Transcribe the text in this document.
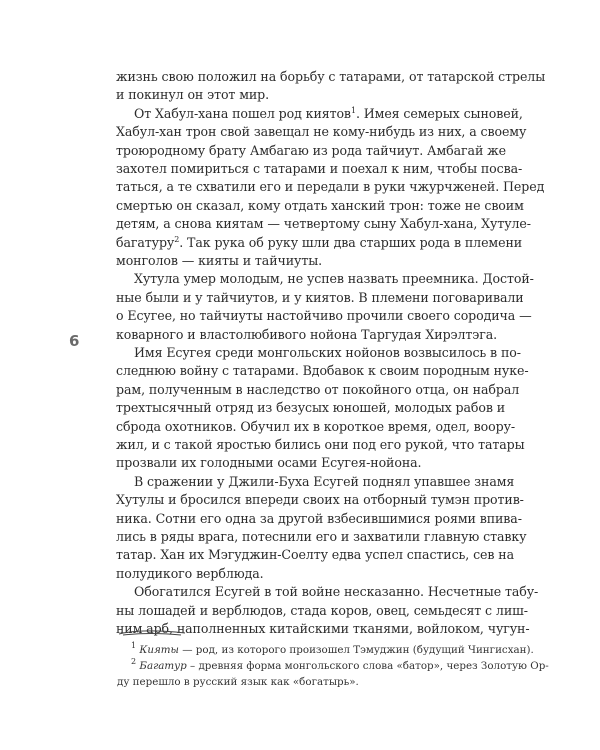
жизнь свою положил на борьбу с татарами, от татарской стрелы
и покинул он этот мир.
От Хабул-хана пошел род киятов$^1$. Имея семерых сыновей,
Хабул-хан трон свой завещал не кому-нибудь из них, а своему
троюродному брату Амбагаю из рода тайчиут. Амбагай же
захотел помириться с татарами и поехал к ним, чтобы посва-
таться, а те схватили его и передали в руки чжурчженей. Перед
смертью он сказал, кому отдать ханский трон: тоже не своим
детям, а снова киятам — четвертому сыну Хабул-хана, Хутуле-
багатуру$^2$. Так рука об руку шли два старших рода в племени
монголов — кияты и тайчиуты.
Хутула умер молодым, не успев назвать преемника. Достой-
ные были и у тайчиутов, и у киятов. В племени поговаривали
о Есугее, но тайчиуты настойчиво прочили своего сородича —
коварного и властолюбивого нойона Таргудая Хирэлтэга.
Имя Есугея среди монгольских нойонов возвысилось в по-
следнюю войну с татарами. Вдобавок к своим породным нуке-
рам, полученным в наследство от покойного отца, он набрал
трехтысячный отряд из безусых юношей, молодых рабов и
сброда охотников. Обучил их в короткое время, одел, воору-
жил, и с такой яростью бились они под его рукой, что татары
прозвали их голодными осами Есугея-нойона.
В сражении у Джили-Буха Есугей поднял упавшее знамя
Хутулы и бросился впереди своих на отборный тумэн против-
ника. Сотни его одна за другой взбесившимися роями впива-
лись в ряды врага, потеснили его и захватили главную ставку
татар. Хан их Мэгуджин-Соелту едва успел спастись, сев на
полудикого верблюда.
Обогатился Есугей в той войне несказанно. Несчетные табу-
ны лошадей и верблюдов, стада коров, овец, семьдесят с лиш-
ним арб, наполненных китайскими тканями, войлоком, чугун-
$^1$ Кияты — род, из которого произошел Тэмуджин (будущий Чингисхан).
$^2$ Багатур – древняя форма монгольского слова «батор», через Золотую Ор-
ду перешло в русский язык как «богатырь».
6
